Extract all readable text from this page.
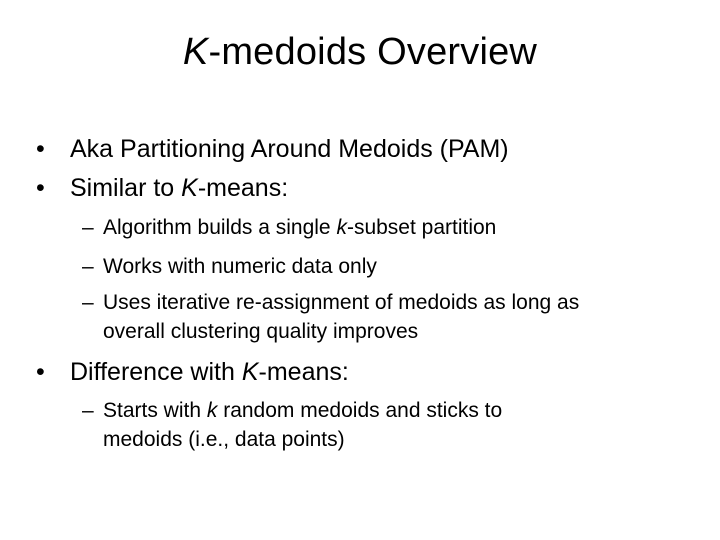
K-medoids Overview
• Aka Partitioning Around Medoids (PAM)
• Similar to K-means:
– Algorithm builds a single k-subset partition
– Works with numeric data only
– Uses iterative re-assignment of medoids as long as
overall clustering quality improves
• Difference with K-means:
– Starts with k random medoids and sticks to
medoids (i.e., data points)
